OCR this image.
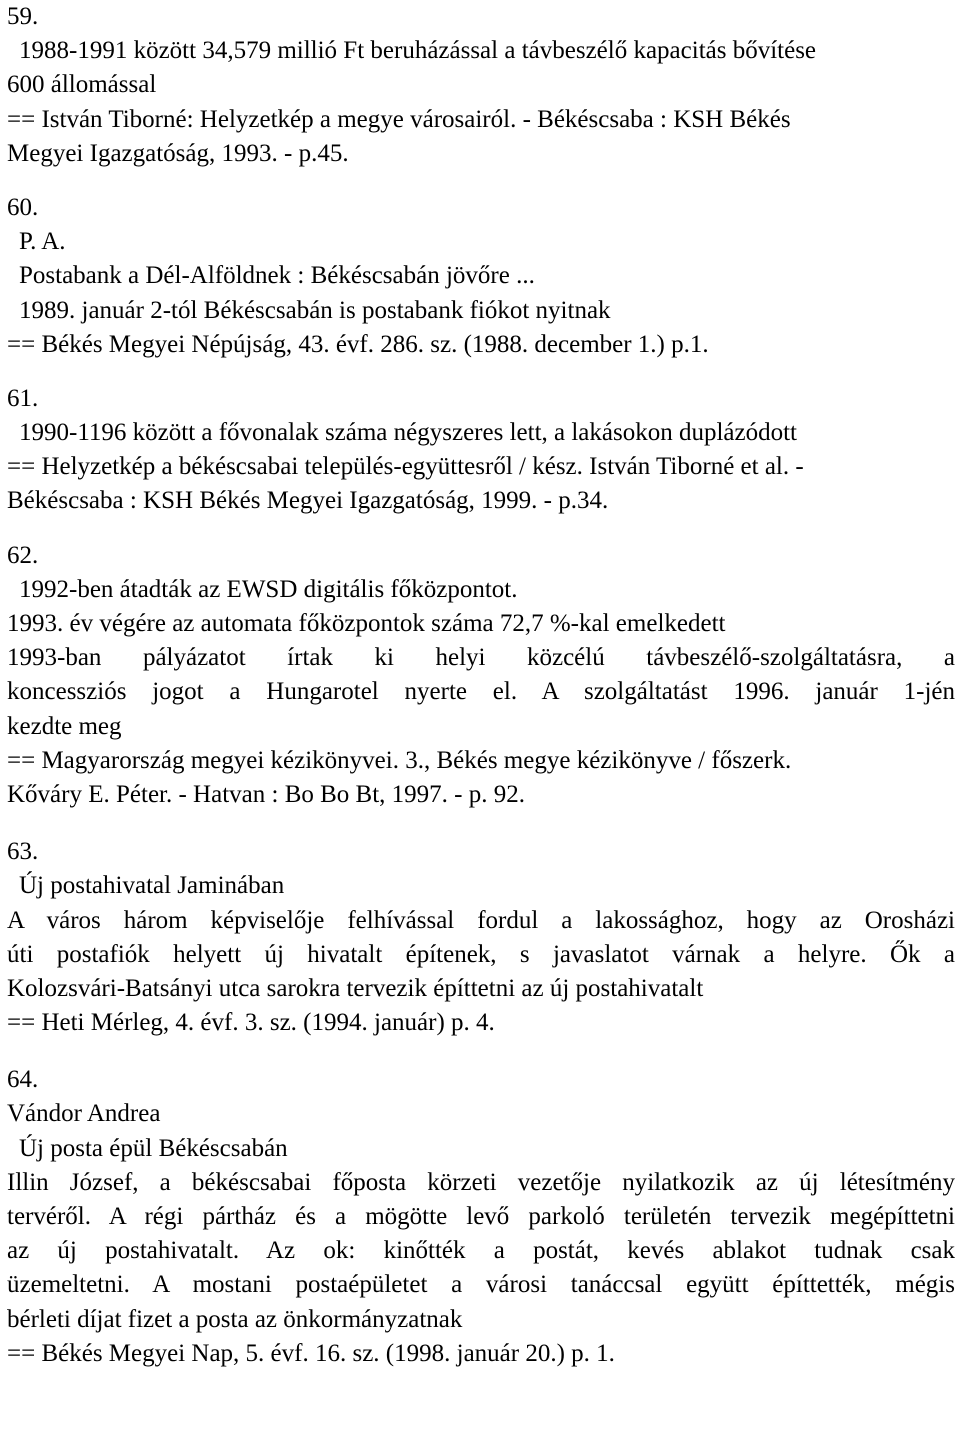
59.
1988-1991 között 34,579 millió Ft beruházással a távbeszélő kapacitás bővítése
600 állomással
== István Tiborné: Helyzetkép a megye városairól. - Békéscsaba : KSH Békés
Megyei Igazgatóság, 1993. - p.45.
60.
P. A.
Postabank a Dél-Alföldnek : Békéscsabán jövőre ...
1989. január 2-tól Békéscsabán is postabank fiókot nyitnak
== Békés Megyei Népújság, 43. évf. 286. sz. (1988. december 1.) p.1.
61.
1990-1196 között a fővonalak száma négyszeres lett, a lakásokon duplázódott
== Helyzetkép a békéscsabai település-együttesről / kész. István Tiborné et al. -
Békéscsaba : KSH Békés Megyei Igazgatóság, 1999. - p.34.
62.
1992-ben átadták az EWSD digitális főközpontot.
1993. év végére az automata főközpontok száma 72,7 %-kal emelkedett
1993-ban pályázatot írtak ki helyi közcélú távbeszélő-szolgáltatásra, a
koncessziós jogot a Hungarotel nyerte el. A szolgáltatást 1996. január 1-jén
kezdte meg
== Magyarország megyei kézikönyvei. 3., Békés megye kézikönyve / főszerk.
Kőváry E. Péter. - Hatvan : Bo Bo Bt, 1997. - p. 92.
63.
Új postahivatal Jaminában
A város három képviselője felhívással fordul a lakossághoz, hogy az Orosházi
úti postafiók helyett új hivatalt építenek, s javaslatot várnak a helyre. Ők a
Kolozsvári-Batsányi utca sarokra tervezik építtetni az új postahivatalt
== Heti Mérleg, 4. évf. 3. sz. (1994. január) p. 4.
64.
Vándor Andrea
Új posta épül Békéscsabán
Illin József, a békéscsabai főposta körzeti vezetője nyilatkozik az új létesítmény
tervéről. A régi pártház és a mögötte levő parkoló területén tervezik megépíttetni
az új postahivatalt. Az ok: kinőtték a postát, kevés ablakot tudnak csak
üzemeltetni. A mostani postaépületet a városi tanáccsal együtt építtették, mégis
bérleti díjat fizet a posta az önkormányzatnak
== Békés Megyei Nap, 5. évf. 16. sz. (1998. január 20.) p. 1.
